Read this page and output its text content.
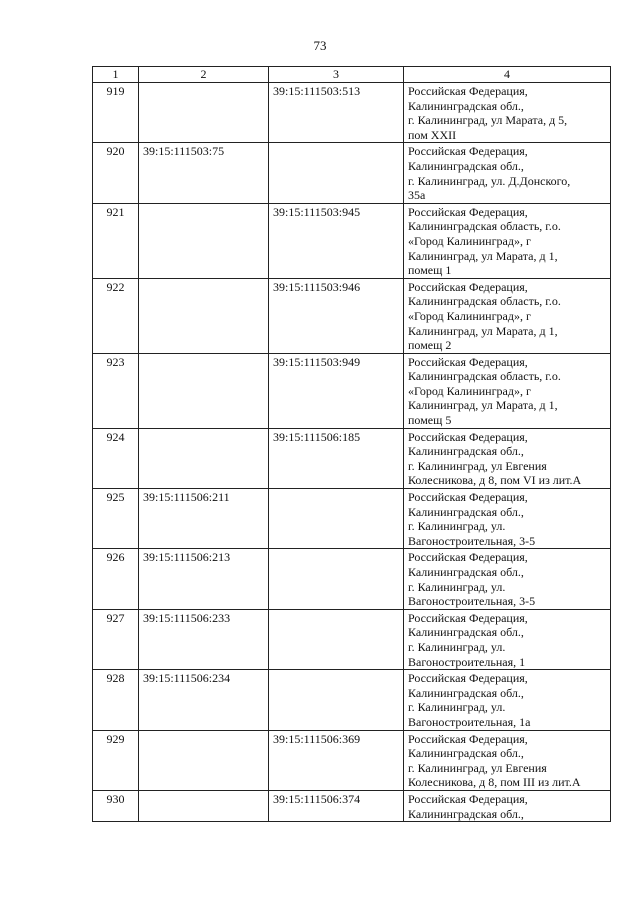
73
1	2	3	4
919		39:15:111503:513	Российская Федерация,
Калининградская обл.,
г. Калининград, ул Марата, д 5,
пом XXII

920	39:15:111503:75		Российская Федерация,
Калининградская обл.,
г. Калининград, ул. Д.Донского,
35а

921		39:15:111503:945	Российская Федерация,
Калининградская область, г.о.
«Город Калининград», г
Калининград, ул Марата, д 1,
помещ 1

922		39:15:111503:946	Российская Федерация,
Калининградская область, г.о.
«Город Калининград», г
Калининград, ул Марата, д 1,
помещ 2

923		39:15:111503:949	Российская Федерация,
Калининградская область, г.о.
«Город Калининград», г
Калининград, ул Марата, д 1,
помещ 5

924		39:15:111506:185	Российская Федерация,
Калининградская обл.,
г. Калининград, ул Евгения
Колесникова, д 8, пом VI из лит.А

925	39:15:111506:211		Российская Федерация,
Калининградская обл.,
г. Калининград, ул.
Вагоностроительная, 3-5

926	39:15:111506:213		Российская Федерация,
Калининградская обл.,
г. Калининград, ул.
Вагоностроительная, 3-5

927	39:15:111506:233		Российская Федерация,
Калининградская обл.,
г. Калининград, ул.
Вагоностроительная, 1

928	39:15:111506:234		Российская Федерация,
Калининградская обл.,
г. Калининград, ул.
Вагоностроительная, 1а

929		39:15:111506:369	Российская Федерация,
Калининградская обл.,
г. Калининград, ул Евгения
Колесникова, д 8, пом III из лит.А

930		39:15:111506:374	Российская Федерация,
Калининградская обл.,
